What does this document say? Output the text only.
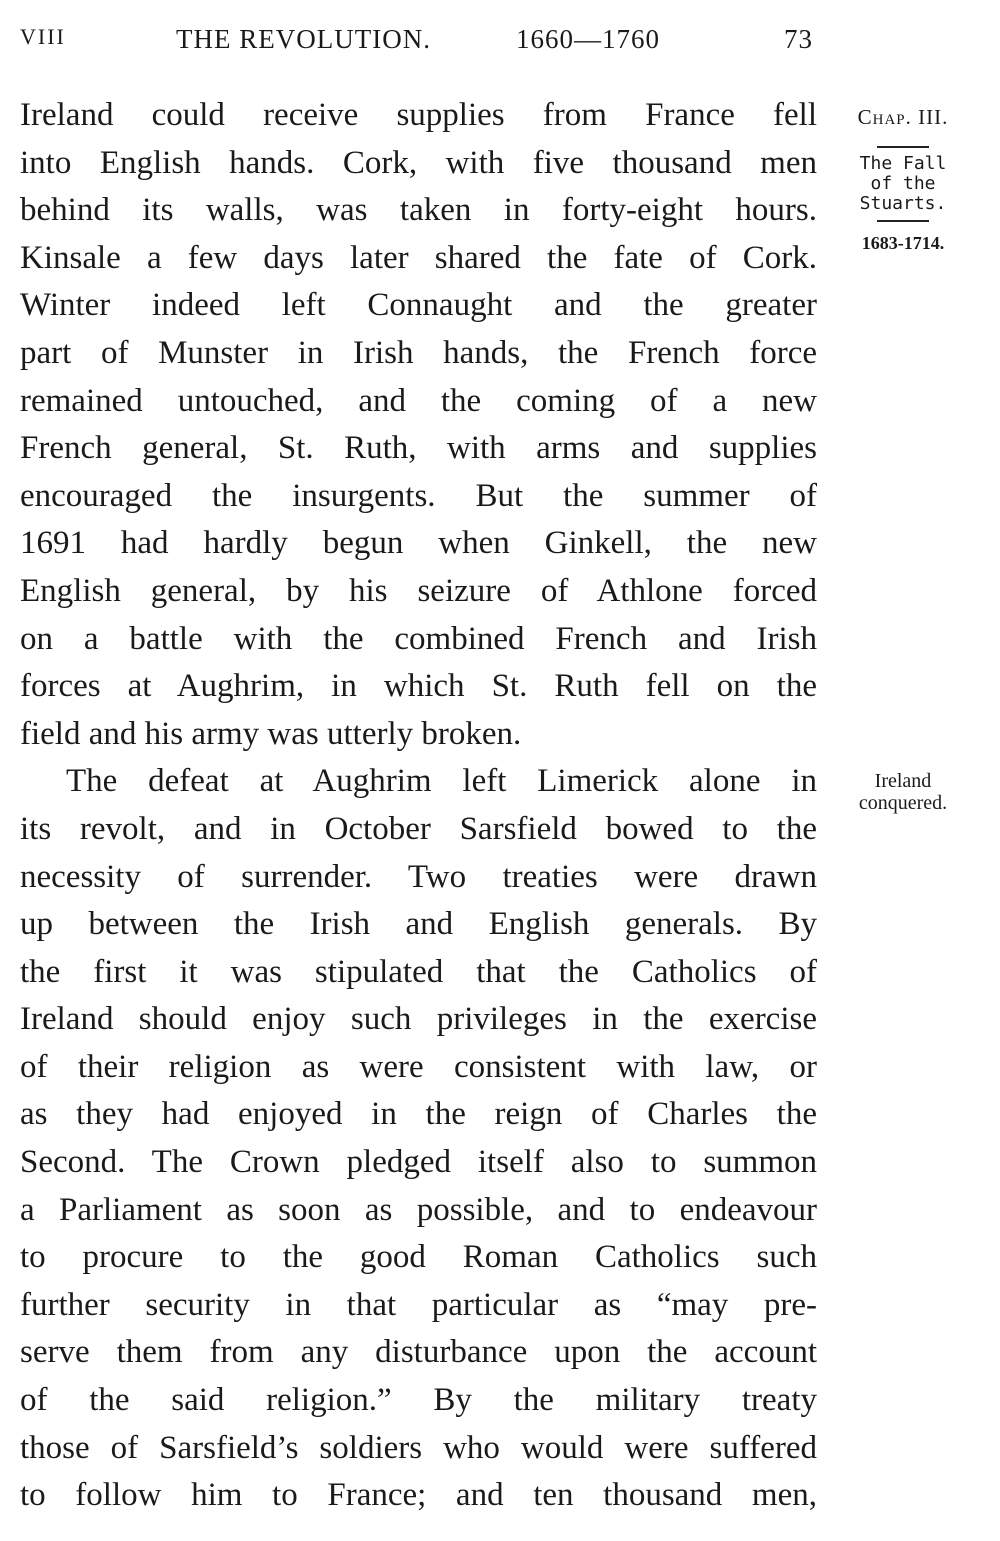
VIII	THE REVOLUTION.	1660—1760	73
Ireland could receive supplies from France fell
into English hands. Cork, with five thousand men
behind its walls, was taken in forty-eight hours.
Kinsale a few days later shared the fate of Cork.
Winter indeed left Connaught and the greater
part of Munster in Irish hands, the French force
remained untouched, and the coming of a new
French general, St. Ruth, with arms and supplies
encouraged the insurgents. But the summer of
1691 had hardly begun when Ginkell, the new
English general, by his seizure of Athlone forced
on a battle with the combined French and Irish
forces at Aughrim, in which St. Ruth fell on the
field and his army was utterly broken.
The defeat at Aughrim left Limerick alone in
its revolt, and in October Sarsfield bowed to the
necessity of surrender. Two treaties were drawn
up between the Irish and English generals. By
the first it was stipulated that the Catholics of
Ireland should enjoy such privileges in the exercise
of their religion as were consistent with law, or
as they had enjoyed in the reign of Charles the
Second. The Crown pledged itself also to summon
a Parliament as soon as possible, and to endeavour
to procure to the good Roman Catholics such
further security in that particular as “may pre-
serve them from any disturbance upon the account
of the said religion.” By the military treaty
those of Sarsfield’s soldiers who would were suffered
to follow him to France; and ten thousand men,
Chap. III.
The Fall
of the
Stuarts.
1683-1714.
Ireland
conquered.
